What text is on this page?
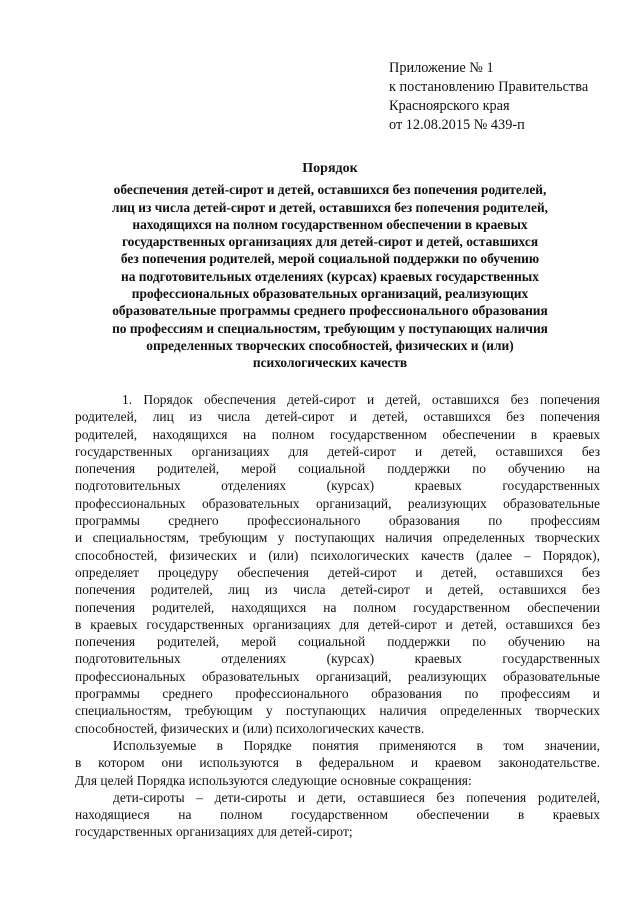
Приложение № 1
к постановлению Правительства
Красноярского края
от 12.08.2015 № 439-п
Порядок
обеспечения детей-сирот и детей, оставшихся без попечения родителей,
лиц из числа детей-сирот и детей, оставшихся без попечения родителей,
находящихся на полном государственном обеспечении в краевых
государственных организациях для детей-сирот и детей, оставшихся
без попечения родителей, мерой социальной поддержки по обучению
на подготовительных отделениях (курсах) краевых государственных
профессиональных образовательных организаций, реализующих
образовательные программы среднего профессионального образования
по профессиям и специальностям, требующим у поступающих наличия
определенных творческих способностей, физических и (или)
психологических качеств

1. Порядок обеспечения детей-сирот и детей, оставшихся без попечения
родителей, лиц из числа детей-сирот и детей, оставшихся без попечения
родителей, находящихся на полном государственном обеспечении в краевых
государственных организациях для детей-сирот и детей, оставшихся без
попечения родителей, мерой социальной поддержки по обучению на
подготовительных отделениях (курсах) краевых государственных
профессиональных образовательных организаций, реализующих образовательные
программы среднего профессионального образования по профессиям
и специальностям, требующим у поступающих наличия определенных творческих
способностей, физических и (или) психологических качеств (далее – Порядок),
определяет процедуру обеспечения детей-сирот и детей, оставшихся без
попечения родителей, лиц из числа детей-сирот и детей, оставшихся без
попечения родителей, находящихся на полном государственном обеспечении
в краевых государственных организациях для детей-сирот и детей, оставшихся без
попечения родителей, мерой социальной поддержки по обучению на
подготовительных отделениях (курсах) краевых государственных
профессиональных образовательных организаций, реализующих образовательные
программы среднего профессионального образования по профессиям и
специальностям, требующим у поступающих наличия определенных творческих
способностей, физических и (или) психологических качеств.

Используемые в Порядке понятия применяются в том значении,
в котором они используются в федеральном и краевом законодательстве.
Для целей Порядка используются следующие основные сокращения:

дети-сироты – дети-сироты и дети, оставшиеся без попечения родителей,
находящиеся на полном государственном обеспечении в краевых
государственных организациях для детей-сирот;
